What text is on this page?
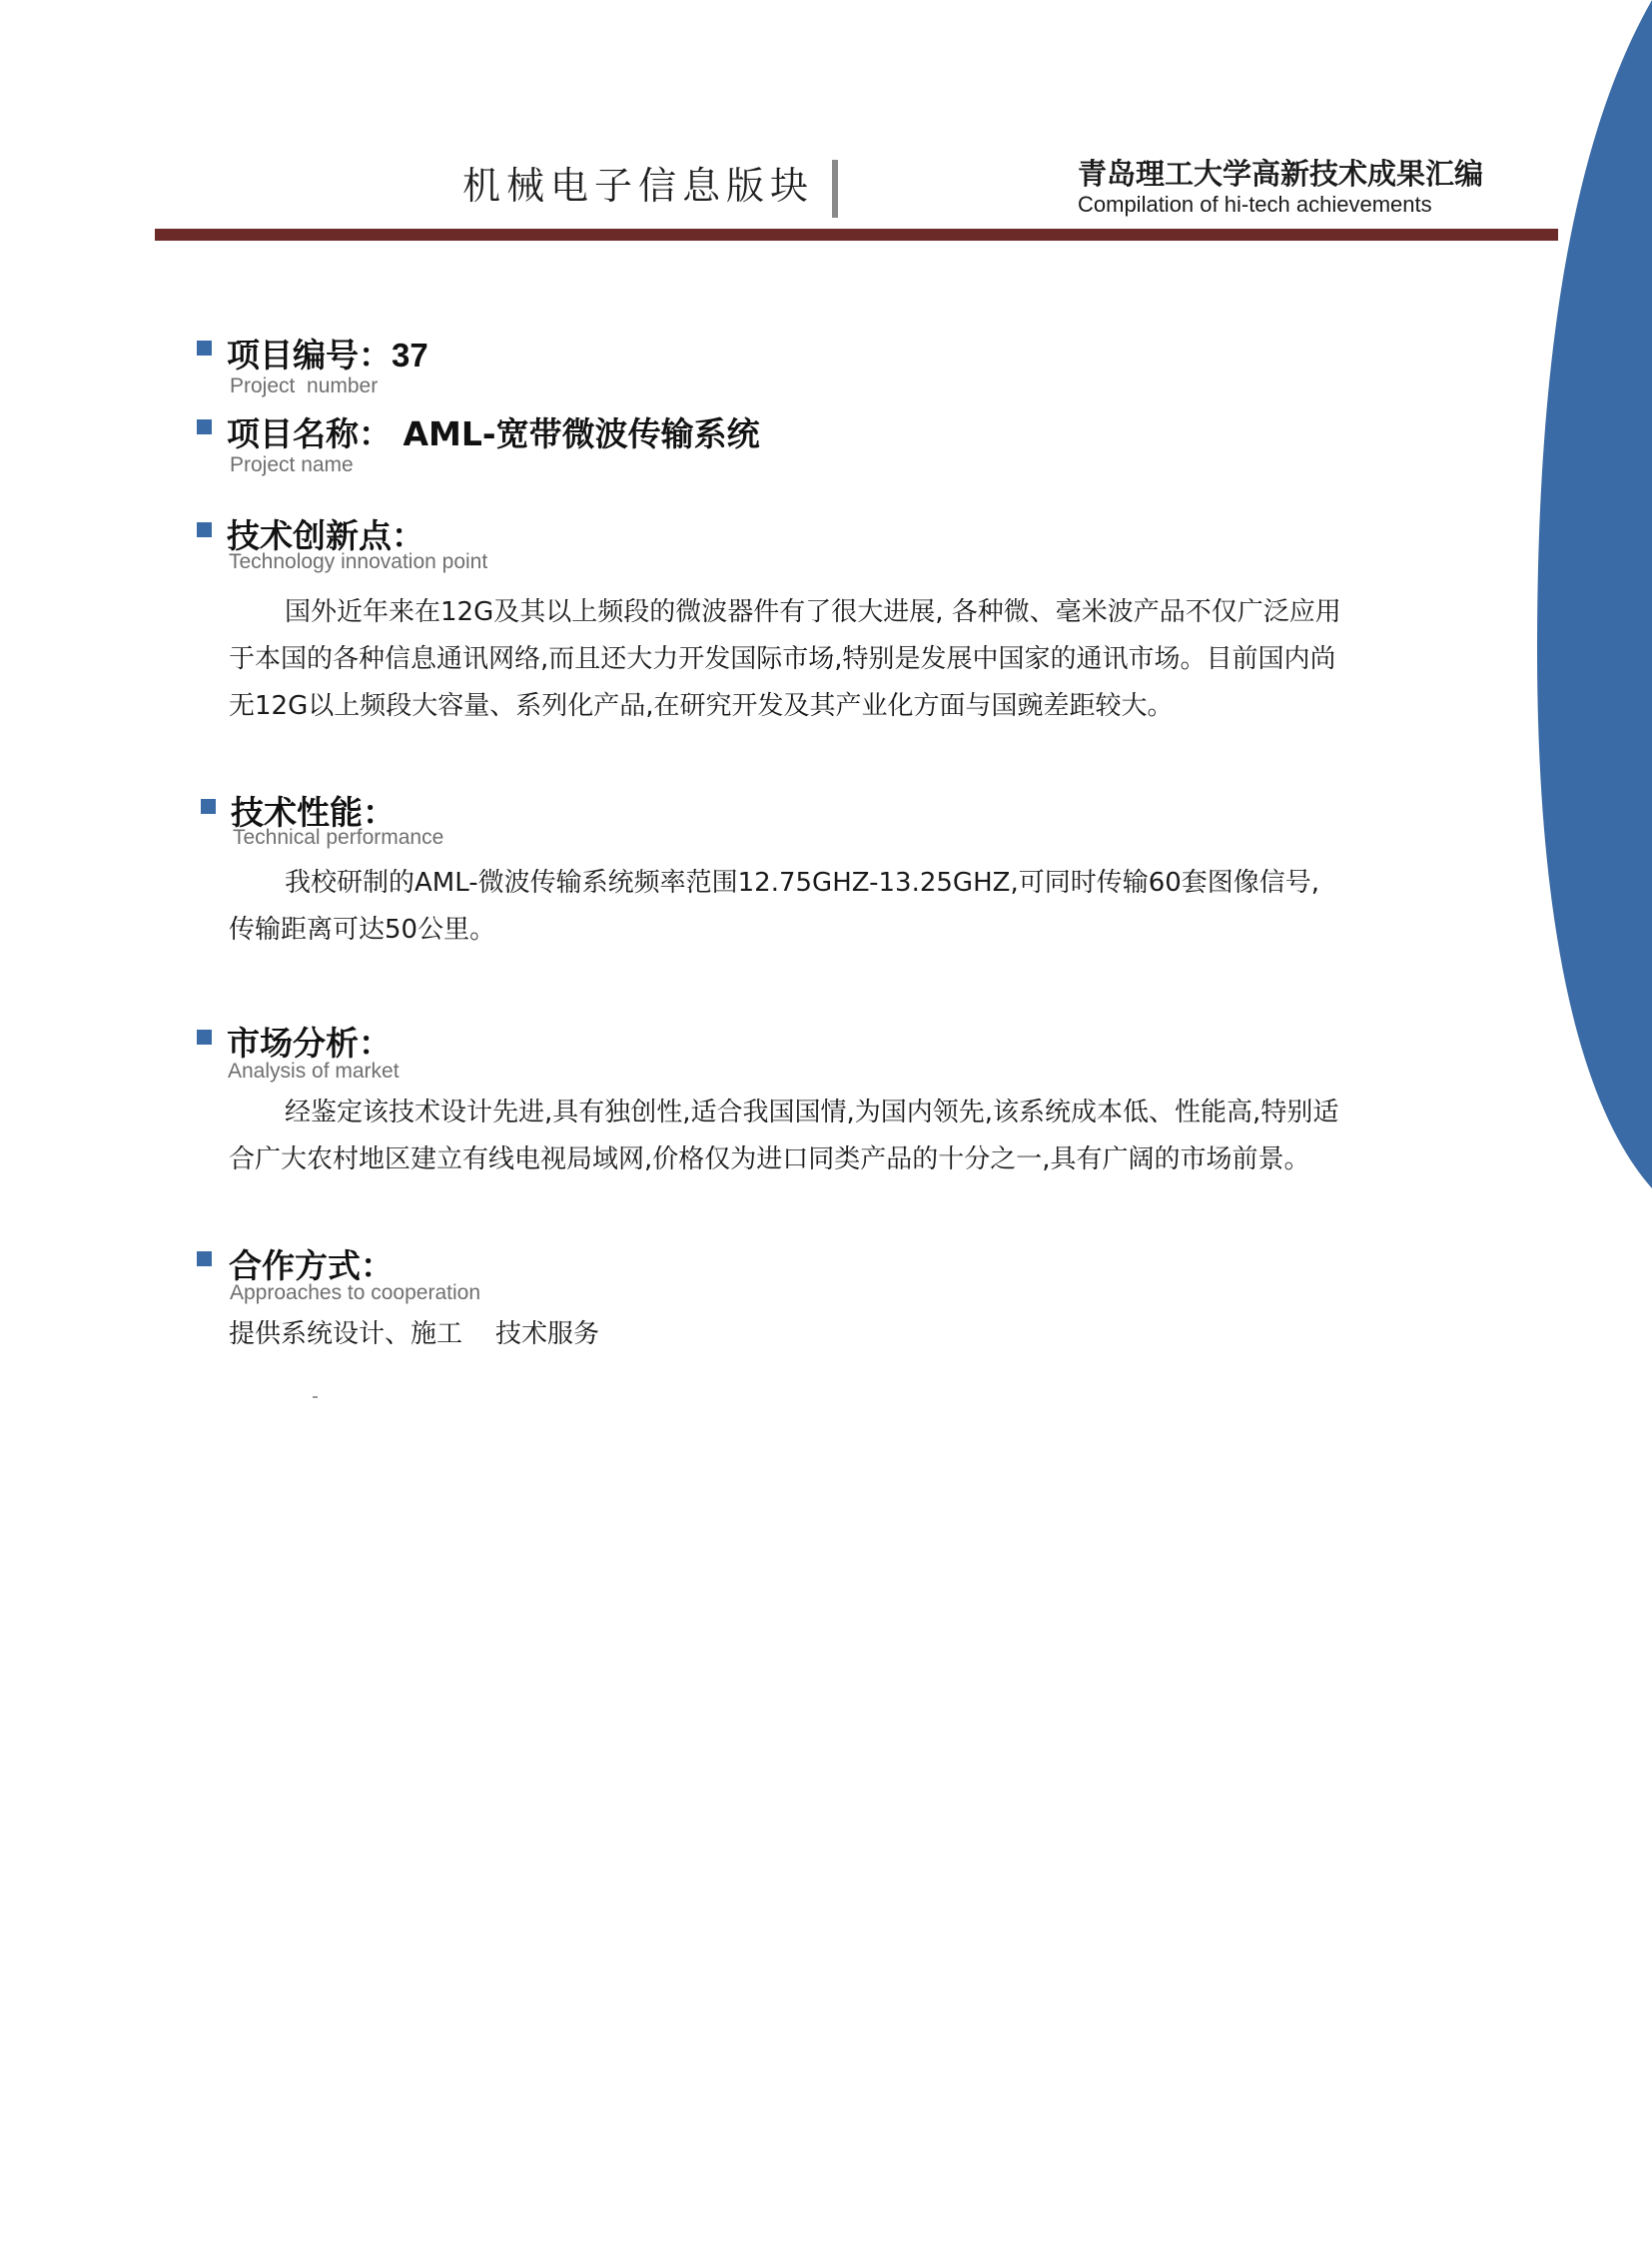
机械电子信息版块	青岛理工大学高新技术成果汇编
Compilation of hi-tech achievements
项目编号：37
Project  number
项目名称： AML-宽带微波传输系统
Project name
技术创新点：
Technology innovation point

国外近年来在12G及其以上频段的微波器件有了很大进展, 各种微、毫米波产品不仅广泛应用

于本国的各种信息通讯网络,而且还大力开发国际市场,特别是发展中国家的通讯市场。目前国内尚

无12G以上频段大容量、系列化产品,在研究开发及其产业化方面与国豌差距较大。

技术性能：
Technical performance

我校研制的AML-微波传输系统频率范围12.75GHZ-13.25GHZ,可同时传输60套图像信号,

传输距离可达50公里。

市场分析：
Analysis of market

经鉴定该技术设计先进,具有独创性,适合我国国情,为国内领先,该系统成本低、性能高,特别适

合广大农村地区建立有线电视局域网,价格仅为进口同类产品的十分之一,具有广阔的市场前景。

合作方式：
Approaches to cooperation
提供系统设计、施工    技术服务
